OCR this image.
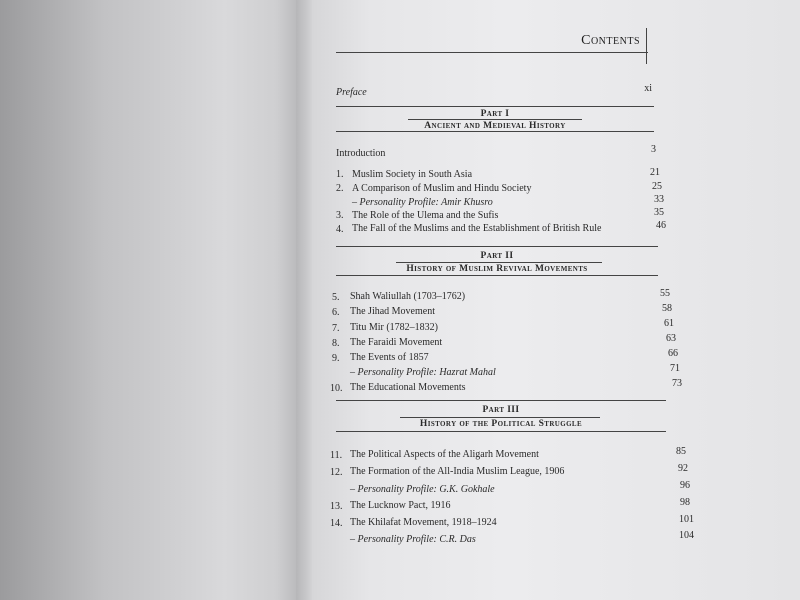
Contents
Preface	xi
Part I
Ancient and Medieval History
Introduction	3
1. Muslim Society in South Asia	21
2. A Comparison of Muslim and Hindu Society	25
– Personality Profile: Amir Khusro	33
3. The Role of the Ulema and the Sufis	35
4. The Fall of the Muslims and the Establishment of British Rule	46
Part II
History of Muslim Revival Movements
5. Shah Waliullah (1703–1762)	55
6. The Jihad Movement	58
7. Titu Mir (1782–1832)	61
8. The Faraidi Movement	63
9. The Events of 1857	66
– Personality Profile: Hazrat Mahal	71
10. The Educational Movements	73
Part III
History of the Political Struggle
11. The Political Aspects of the Aligarh Movement	85
12. The Formation of the All-India Muslim League, 1906	92
– Personality Profile: G.K. Gokhale	96
13. The Lucknow Pact, 1916	98
14. The Khilafat Movement, 1918–1924	101
– Personality Profile: C.R. Das	104
